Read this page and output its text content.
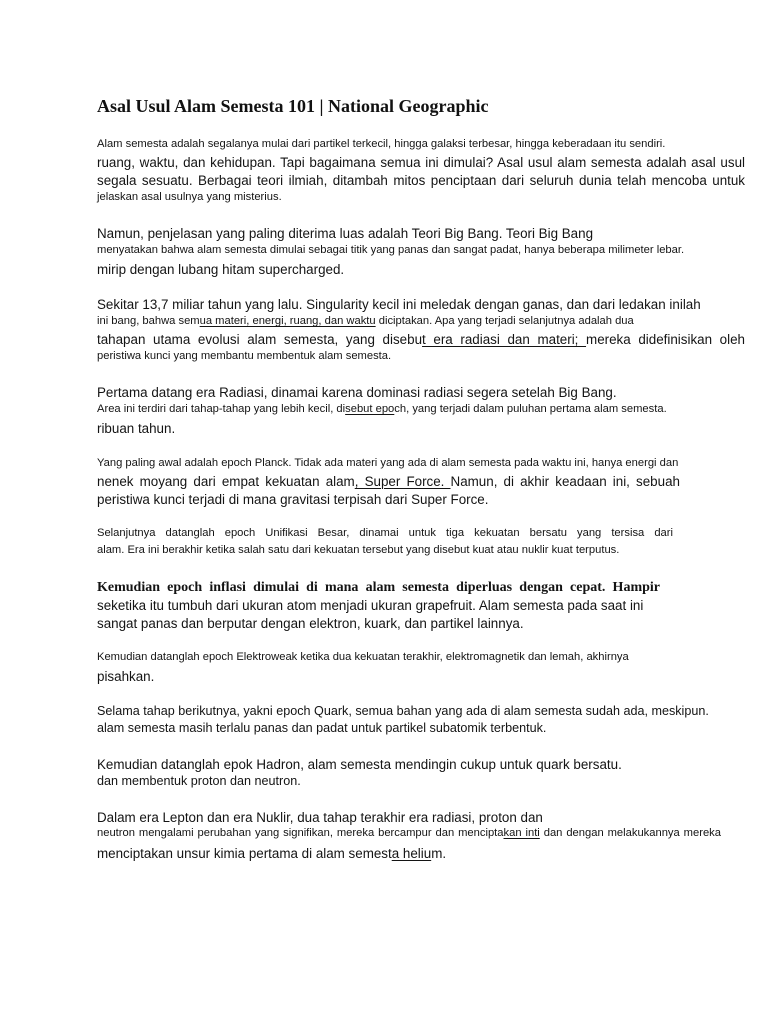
Asal Usul Alam Semesta 101 | National Geographic
Alam semesta adalah segalanya mulai dari partikel terkecil, hingga galaksi terbesar, hingga keberadaan itu sendiri.
ruang, waktu, dan kehidupan. Tapi bagaimana semua ini dimulai? Asal usul alam semesta adalah asal usul
segala sesuatu. Berbagai teori ilmiah, ditambah mitos penciptaan dari seluruh dunia telah mencoba untuk
jelaskan asal usulnya yang misterius.
Namun, penjelasan yang paling diterima luas adalah Teori Big Bang. Teori Big Bang
menyatakan bahwa alam semesta dimulai sebagai titik yang panas dan sangat padat, hanya beberapa milimeter lebar.
mirip dengan lubang hitam supercharged.
Sekitar 13,7 miliar tahun yang lalu. Singularity kecil ini meledak dengan ganas, dan dari ledakan inilah
ini bang, bahwa semua materi, energi, ruang, dan waktu diciptakan. Apa yang terjadi selanjutnya adalah dua
tahapan utama evolusi alam semesta, yang disebut era radiasi dan materi; mereka didefinisikan oleh
peristiwa kunci yang membantu membentuk alam semesta.
Pertama datang era Radiasi, dinamai karena dominasi radiasi segera setelah Big Bang.
Area ini terdiri dari tahap-tahap yang lebih kecil, disebut epoch, yang terjadi dalam puluhan pertama alam semesta.
ribuan tahun.
Yang paling awal adalah epoch Planck. Tidak ada materi yang ada di alam semesta pada waktu ini, hanya energi dan
nenek moyang dari empat kekuatan alam, Super Force. Namun, di akhir keadaan ini, sebuah
peristiwa kunci terjadi di mana gravitasi terpisah dari Super Force.
Selanjutnya datanglah epoch Unifikasi Besar, dinamai untuk tiga kekuatan bersatu yang tersisa dari
alam. Era ini berakhir ketika salah satu dari kekuatan tersebut yang disebut kuat atau nuklir kuat terputus.
Kemudian epoch inflasi dimulai di mana alam semesta diperluas dengan cepat. Hampir
seketika itu tumbuh dari ukuran atom menjadi ukuran grapefruit. Alam semesta pada saat ini
sangat panas dan berputar dengan elektron, kuark, dan partikel lainnya.
Kemudian datanglah epoch Elektroweak ketika dua kekuatan terakhir, elektromagnetik dan lemah, akhirnya
pisahkan.
Selama tahap berikutnya, yakni epoch Quark, semua bahan yang ada di alam semesta sudah ada, meskipun.
alam semesta masih terlalu panas dan padat untuk partikel subatomik terbentuk.
Kemudian datanglah epok Hadron, alam semesta mendingin cukup untuk quark bersatu.
dan membentuk proton dan neutron.
Dalam era Lepton dan era Nuklir, dua tahap terakhir era radiasi, proton dan
neutron mengalami perubahan yang signifikan, mereka bercampur dan menciptakan inti dan dengan melakukannya mereka
menciptakan unsur kimia pertama di alam semesta helium.
